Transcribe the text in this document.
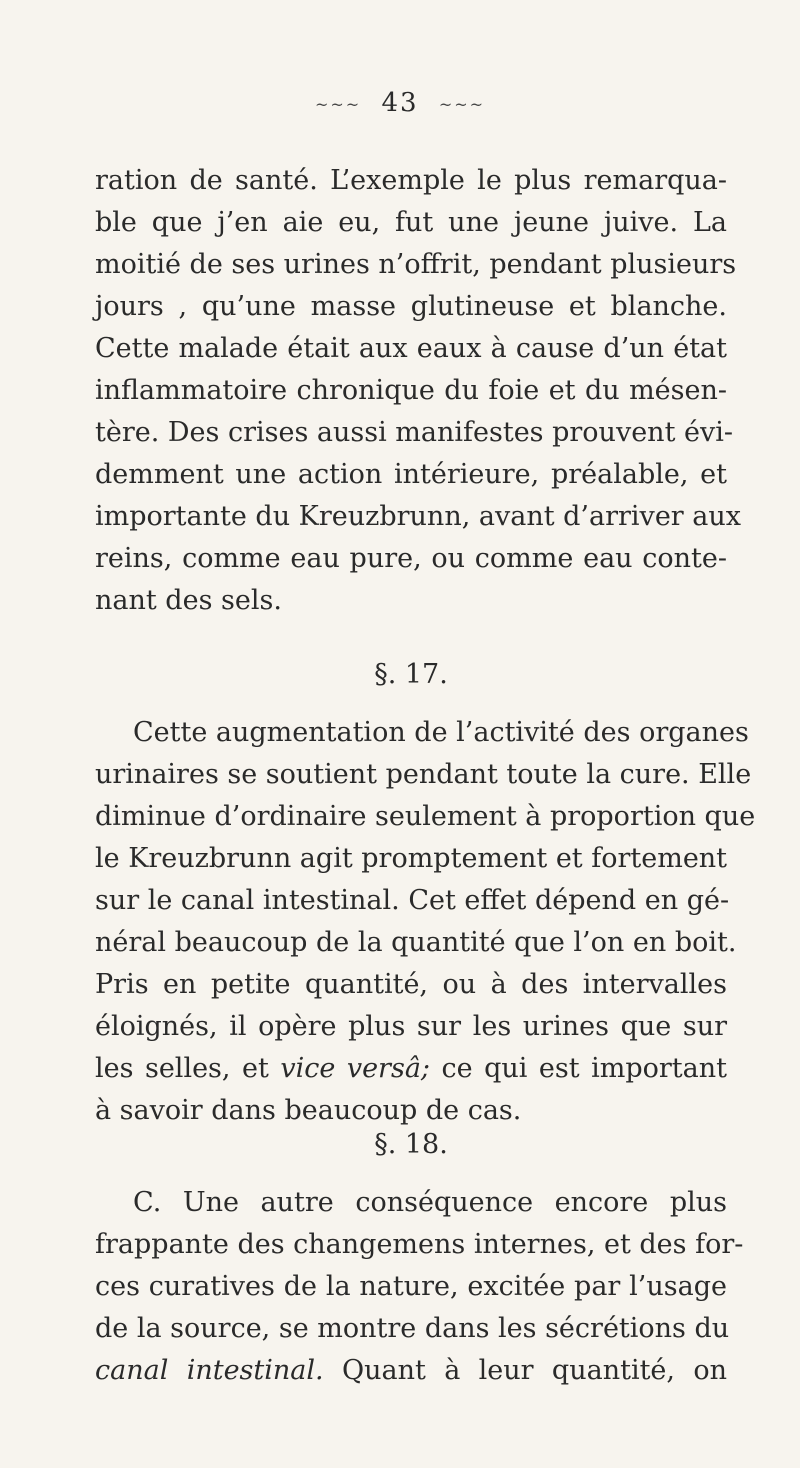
~~~ 43 ~~~
ration de santé. L’exemple le plus remarqua-
ble que j’en aie eu, fut une jeune juive. La
moitié de ses urines n’offrit, pendant plusieurs
jours , qu’une masse glutineuse et blanche.
Cette malade était aux eaux à cause d’un état
inflammatoire chronique du foie et du mésen-
tère. Des crises aussi manifestes prouvent évi-
demment une action intérieure, préalable, et
importante du Kreuzbrunn, avant d’arriver aux
reins, comme eau pure, ou comme eau conte-
nant des sels.
§. 17.
Cette augmentation de l’activité des organes
urinaires se soutient pendant toute la cure. Elle
diminue d’ordinaire seulement à proportion que
le Kreuzbrunn agit promptement et fortement
sur le canal intestinal. Cet effet dépend en gé-
néral beaucoup de la quantité que l’on en boit.
Pris en petite quantité, ou à des intervalles
éloignés, il opère plus sur les urines que sur
les selles, et vice versâ; ce qui est important
à savoir dans beaucoup de cas.
§. 18.
C. Une autre conséquence encore plus
frappante des changemens internes, et des for-
ces curatives de la nature, excitée par l’usage
de la source, se montre dans les sécrétions du
canal intestinal. Quant à leur quantité, on
